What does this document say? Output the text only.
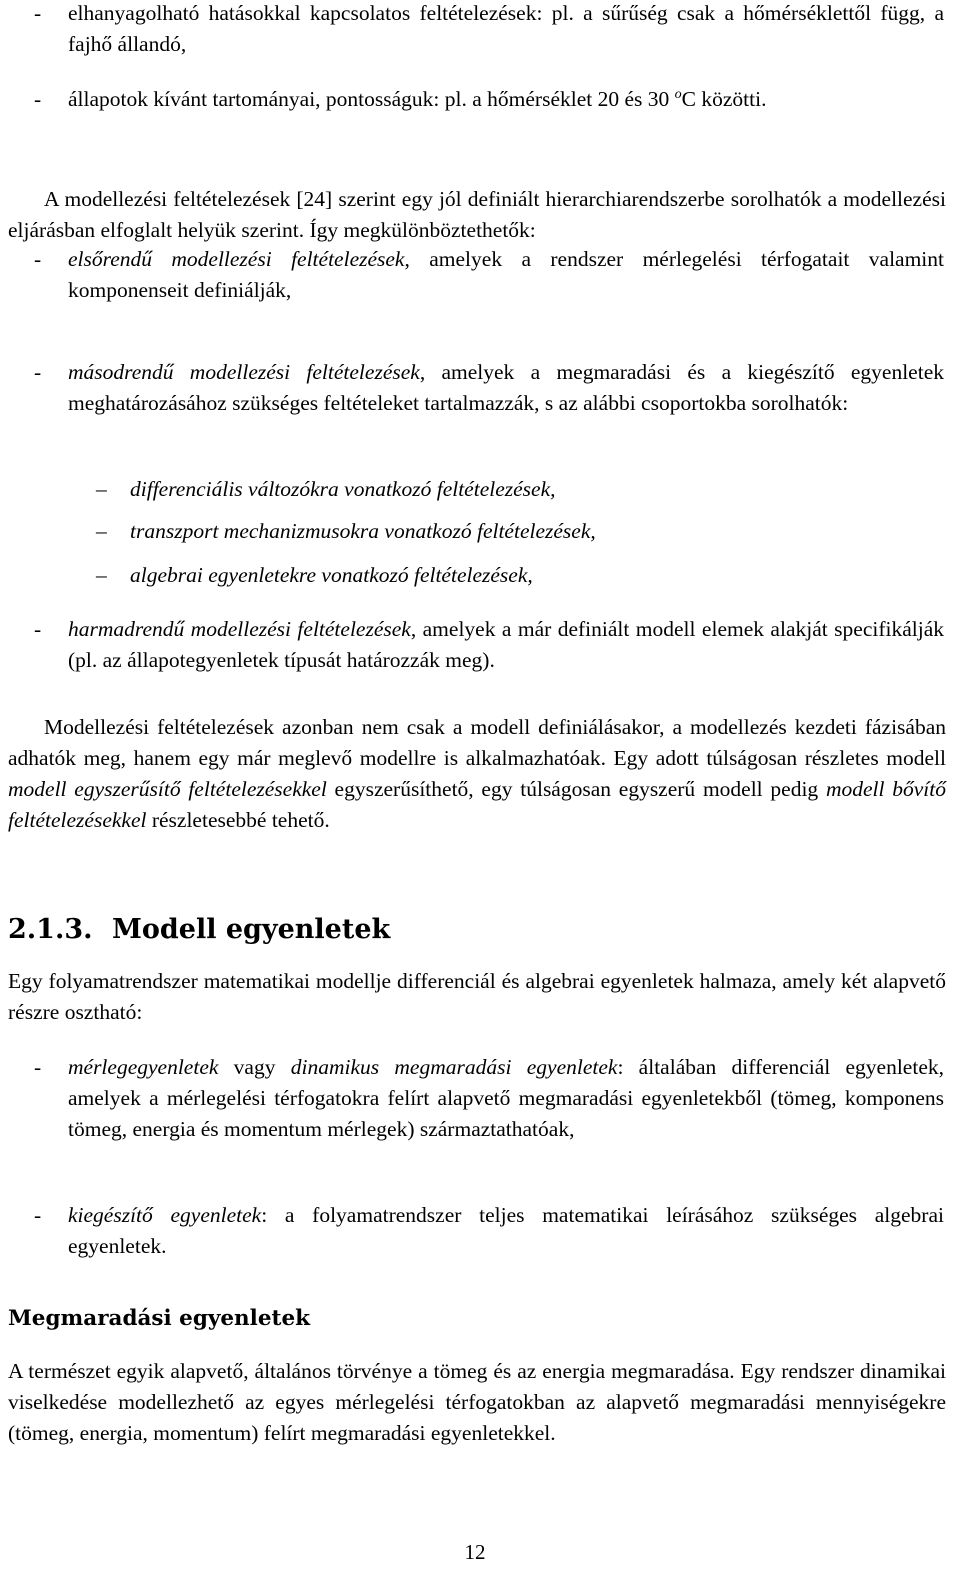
- elhanyagolható hatásokkal kapcsolatos feltételezések: pl. a sűrűség csak a hőmérséklettől függ, a fajhő állandó,

- állapotok kívánt tartományai, pontosságuk: pl. a hőmérséklet 20 és 30 $^o$C közötti.

A modellezési feltételezések [24] szerint egy jól definiált hierarchiarendszerbe sorolhatók a modellezési eljárásban elfoglalt helyük szerint. Így megkülönböztethetők:

- elsőrendű modellezési feltételezések, amelyek a rendszer mérlegelési térfogatait valamint komponenseit definiálják,

- másodrendű modellezési feltételezések, amelyek a megmaradási és a kiegészítő egyenletek meghatározásához szükséges feltételeket tartalmazzák, s az alábbi csoportokba sorolhatók:

– differenciális változókra vonatkozó feltételezések,

– transzport mechanizmusokra vonatkozó feltételezések,

– algebrai egyenletekre vonatkozó feltételezések,

- harmadrendű modellezési feltételezések, amelyek a már definiált modell elemek alakját specifikálják (pl. az állapotegyenletek típusát határozzák meg).

Modellezési feltételezések azonban nem csak a modell definiálásakor, a modellezés kezdeti fázisában adhatók meg, hanem egy már meglevő modellre is alkalmazhatóak. Egy adott túlságosan részletes modell modell egyszerűsítő feltételezésekkel egyszerűsíthető, egy túlságosan egyszerű modell pedig modell bővítő feltételezésekkel részletesebbé tehető.

2.1.3. Modell egyenletek

Egy folyamatrendszer matematikai modellje differenciál és algebrai egyenletek halmaza, amely két alapvető részre osztható:

- mérlegegyenletek vagy dinamikus megmaradási egyenletek: általában differenciál egyenletek, amelyek a mérlegelési térfogatokra felírt alapvető megmaradási egyenletekből (tömeg, komponens tömeg, energia és momentum mérlegek) származtathatóak,

- kiegészítő egyenletek: a folyamatrendszer teljes matematikai leírásához szükséges algebrai egyenletek.

Megmaradási egyenletek

A természet egyik alapvető, általános törvénye a tömeg és az energia megmaradása. Egy rendszer dinamikai viselkedése modellezhető az egyes mérlegelési térfogatokban az alapvető megmaradási mennyiségekre (tömeg, energia, momentum) felírt megmaradási egyenletekkel.

12
